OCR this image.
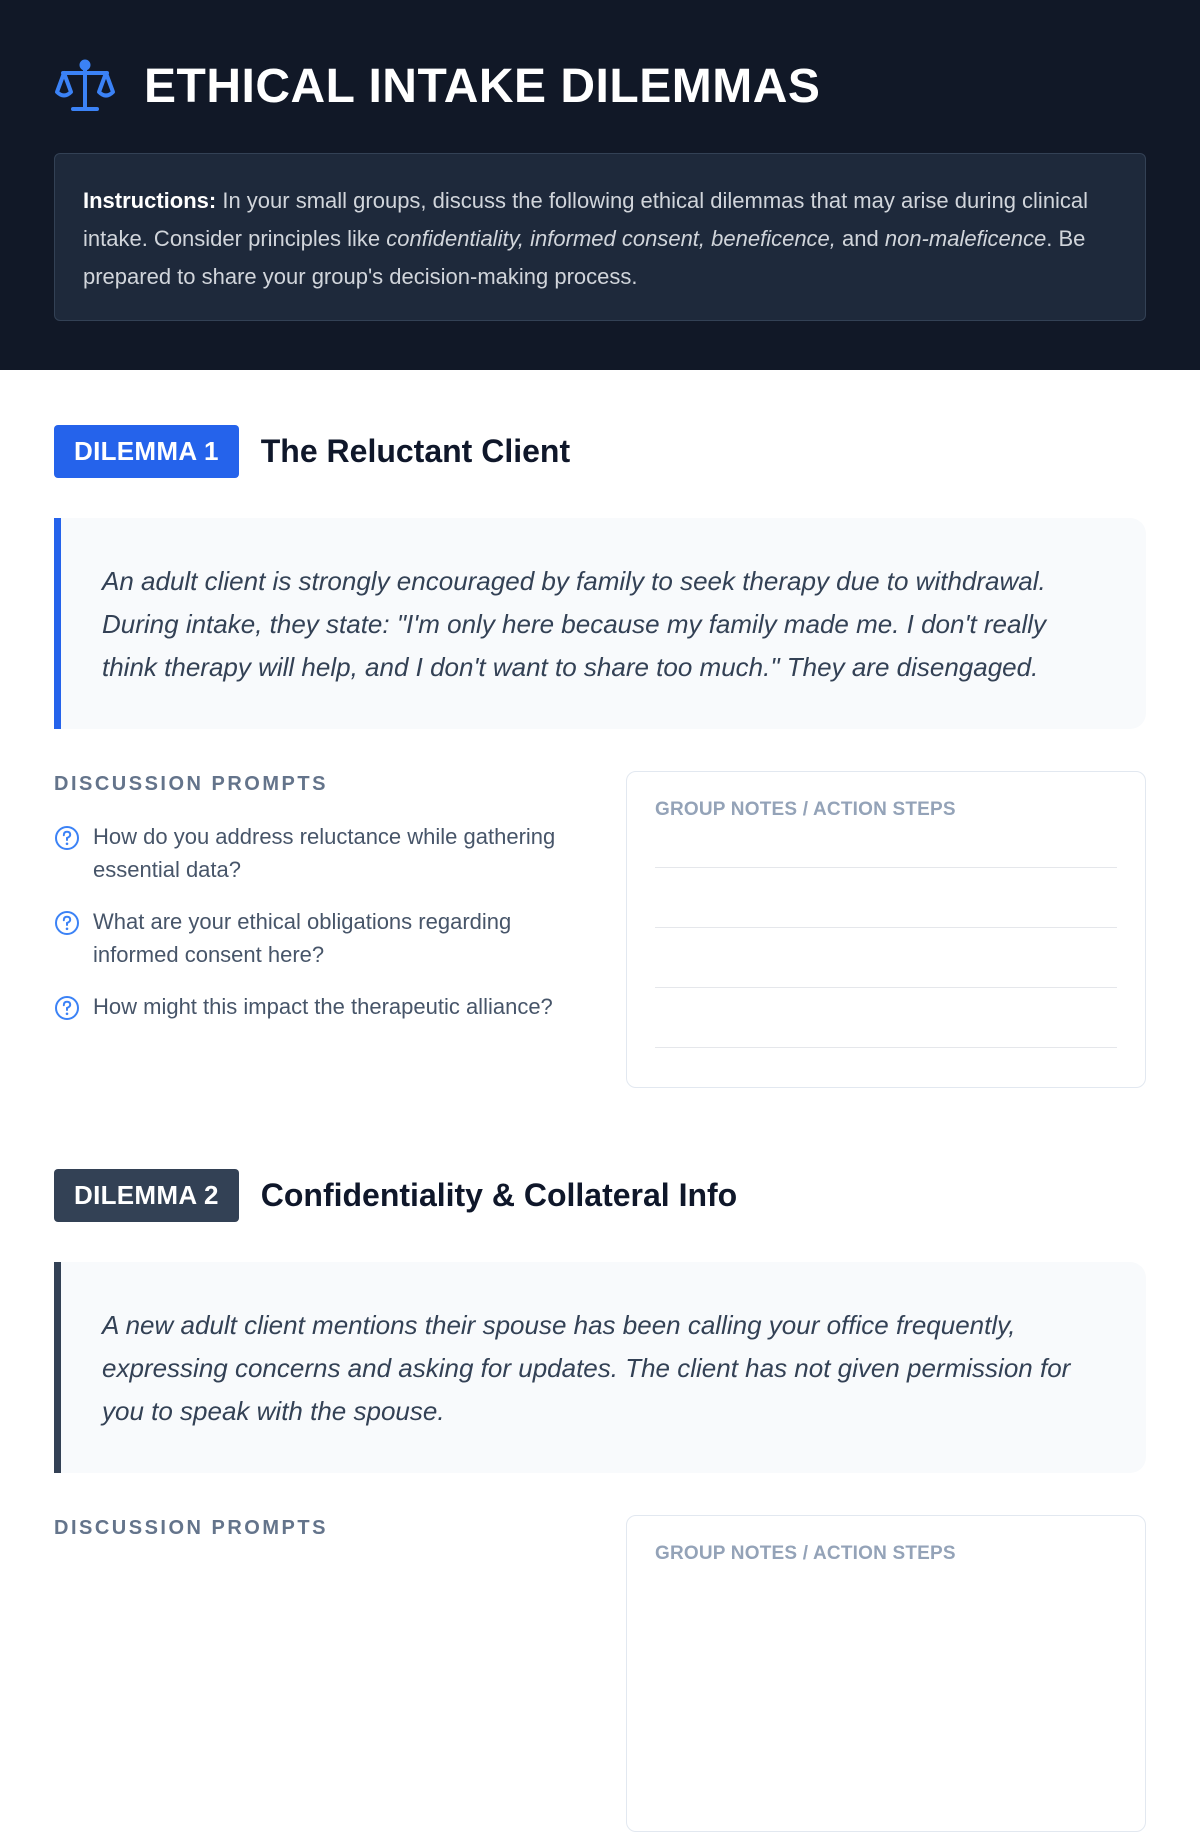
ETHICAL INTAKE DILEMMAS
Instructions: In your small groups, discuss the following ethical dilemmas that may arise during clinical intake. Consider principles like confidentiality, informed consent, beneficence, and non-maleficence. Be prepared to share your group's decision-making process.
DILEMMA 1	The Reluctant Client
An adult client is strongly encouraged by family to seek therapy due to withdrawal. During intake, they state: "I'm only here because my family made me. I don't really think therapy will help, and I don't want to share too much." They are disengaged.
DISCUSSION PROMPTS
How do you address reluctance while gathering essential data?
What are your ethical obligations regarding informed consent here?
How might this impact the therapeutic alliance?
GROUP NOTES / ACTION STEPS
DILEMMA 2	Confidentiality & Collateral Info
A new adult client mentions their spouse has been calling your office frequently, expressing concerns and asking for updates. The client has not given permission for you to speak with the spouse.
DISCUSSION PROMPTS
GROUP NOTES / ACTION STEPS
